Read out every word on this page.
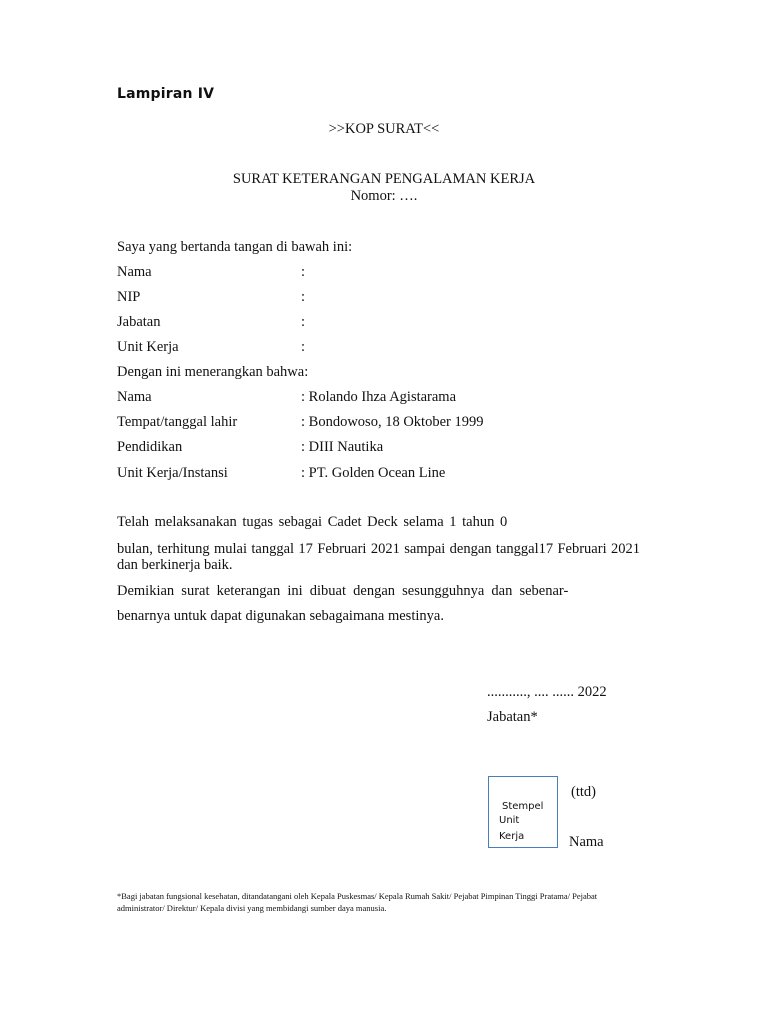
Lampiran IV
>>KOP SURAT<<
SURAT KETERANGAN PENGALAMAN KERJA
Nomor: ….
Saya yang bertanda tangan di bawah ini:
Nama	:
NIP	:
Jabatan	:
Unit Kerja	:
Dengan ini menerangkan bahwa:
Nama	: Rolando Ihza Agistarama
Tempat/tanggal lahir	: Bondowoso, 18 Oktober 1999
Pendidikan	: DIII Nautika
Unit Kerja/Instansi	: PT. Golden Ocean Line
Telah melaksanakan tugas sebagai Cadet Deck selama 1 tahun 0
bulan, terhitung mulai tanggal 17 Februari 2021 sampai dengan tanggal17 Februari 2021 dan berkinerja baik.
Demikian surat keterangan ini dibuat dengan sesungguhnya dan sebenar-
benarnya untuk dapat digunakan sebagaimana mestinya.
..........., .... ...... 2022
Jabatan*
Stempel
Unit
Kerja
(ttd)
Nama
*Bagi jabatan fungsional kesehatan, ditandatangani oleh Kepala Puskesmas/ Kepala Rumah Sakit/ Pejabat Pimpinan Tinggi Pratama/ Pejabat administrator/ Direktur/ Kepala divisi yang membidangi sumber daya manusia.
